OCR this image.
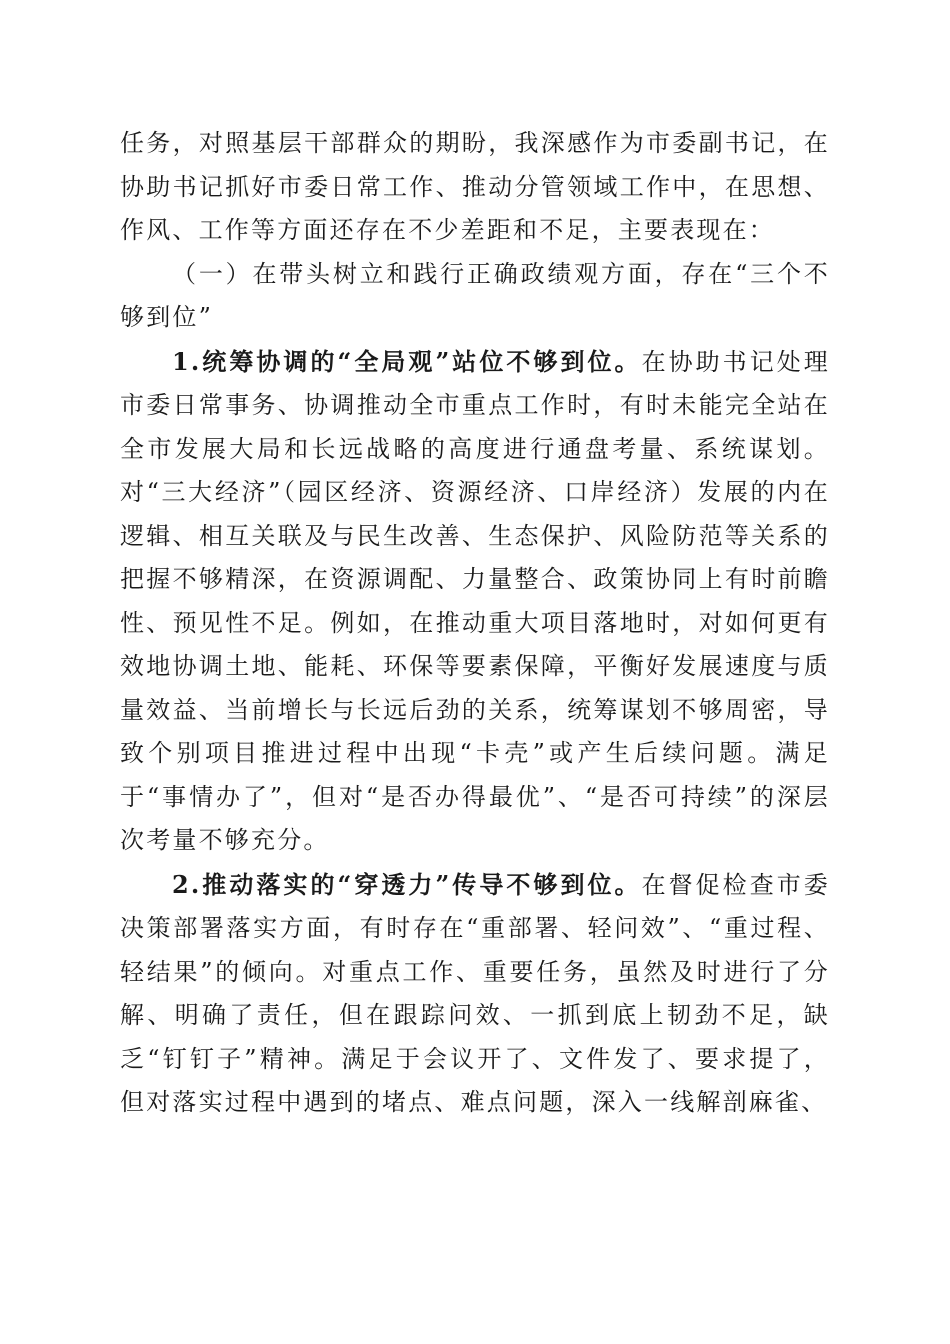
任务，对照基层干部群众的期盼，我深感作为市委副书记，在协助书记抓好市委日常工作、推动分管领域工作中，在思想、作风、工作等方面还存在不少差距和不足，主要表现在：

（一）在带头树立和践行正确政绩观方面，存在“三个不够到位”

1.统筹协调的“全局观”站位不够到位。在协助书记处理市委日常事务、协调推动全市重点工作时，有时未能完全站在全市发展大局和长远战略的高度进行通盘考量、系统谋划。对“三大经济”（园区经济、资源经济、口岸经济）发展的内在逻辑、相互关联及与民生改善、生态保护、风险防范等关系的把握不够精深，在资源调配、力量整合、政策协同上有时前瞻性、预见性不足。例如，在推动重大项目落地时，对如何更有效地协调土地、能耗、环保等要素保障，平衡好发展速度与质量效益、当前增长与长远后劲的关系，统筹谋划不够周密，导致个别项目推进过程中出现“卡壳”或产生后续问题。满足于“事情办了”，但对“是否办得最优”、“是否可持续”的深层次考量不够充分。

2.推动落实的“穿透力”传导不够到位。在督促检查市委决策部署落实方面，有时存在“重部署、轻问效”、“重过程、轻结果”的倾向。对重点工作、重要任务，虽然及时进行了分解、明确了责任，但在跟踪问效、一抓到底上韧劲不足，缺乏“钉钉子”精神。满足于会议开了、文件发了、要求提了，但对落实过程中遇到的堵点、难点问题，深入一线解剖麻雀、
